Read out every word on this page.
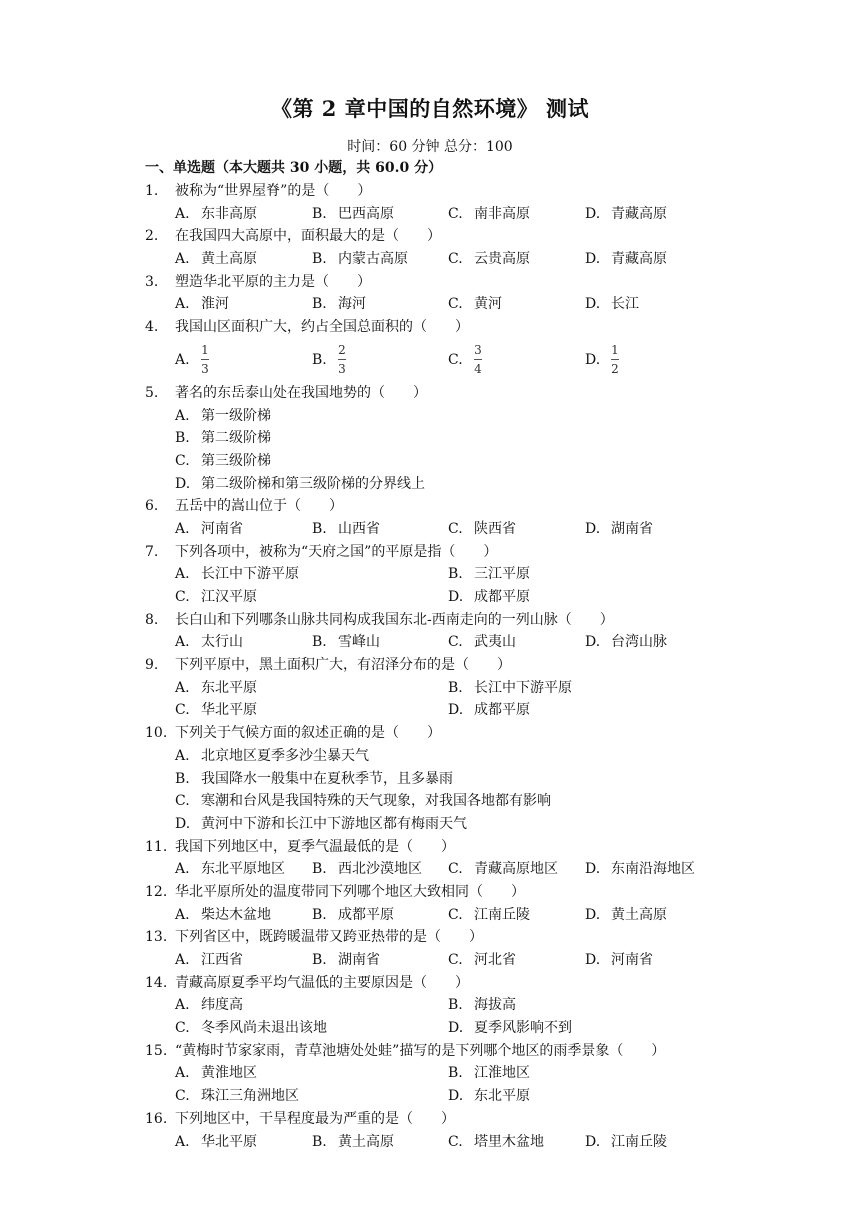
《第 2 章中国的自然环境》 测试
时间：60 分钟 总分：100
一、单选题（本大题共 30 小题，共 60.0 分）
1.	被称为“世界屋脊”的是（　　）
A. 东非高原	B. 巴西高原	C. 南非高原	D. 青藏高原
2.	在我国四大高原中，面积最大的是（　　）
A. 黄土高原	B. 内蒙古高原	C. 云贵高原	D. 青藏高原
3.	塑造华北平原的主力是（　　）
A. 淮河	B. 海河	C. 黄河	D. 长江
4.	我国山区面积广大，约占全国总面积的（　　）
A. $\frac{1}{3}$	B. $\frac{2}{3}$	C. $\frac{3}{4}$	D. $\frac{1}{2}$
5.	著名的东岳泰山处在我国地势的（　　）
A. 第一级阶梯
B. 第二级阶梯
C. 第三级阶梯
D. 第二级阶梯和第三级阶梯的分界线上
6.	五岳中的嵩山位于（　　）
A. 河南省	B. 山西省	C. 陕西省	D. 湖南省
7.	下列各项中，被称为“天府之国”的平原是指（　　）
A. 长江中下游平原	B. 三江平原
C. 江汉平原	D. 成都平原
8.	长白山和下列哪条山脉共同构成我国东北-西南走向的一列山脉（　　）
A. 太行山	B. 雪峰山	C. 武夷山	D. 台湾山脉
9.	下列平原中，黑土面积广大，有沼泽分布的是（　　）
A. 东北平原	B. 长江中下游平原
C. 华北平原	D. 成都平原
10. 下列关于气候方面的叙述正确的是（　　）
A. 北京地区夏季多沙尘暴天气
B. 我国降水一般集中在夏秋季节，且多暴雨
C. 寒潮和台风是我国特殊的天气现象，对我国各地都有影响
D. 黄河中下游和长江中下游地区都有梅雨天气
11. 我国下列地区中，夏季气温最低的是（　　）
A. 东北平原地区 B. 西北沙漠地区 C. 青藏高原地区 D. 东南沿海地区
12. 华北平原所处的温度带同下列哪个地区大致相同（　　）
A. 柴达木盆地	B. 成都平原	C. 江南丘陵	D. 黄土高原
13. 下列省区中，既跨暖温带又跨亚热带的是（　　）
A. 江西省	B. 湖南省	C. 河北省	D. 河南省
14. 青藏高原夏季平均气温低的主要原因是（　　）
A. 纬度高	B. 海拔高
C. 冬季风尚未退出该地	D. 夏季风影响不到
15. “黄梅时节家家雨，青草池塘处处蛙”描写的是下列哪个地区的雨季景象（　　）
A. 黄淮地区	B. 江淮地区
C. 珠江三角洲地区	D. 东北平原
16. 下列地区中，干旱程度最为严重的是（　　）
A. 华北平原	B. 黄土高原	C. 塔里木盆地	D. 江南丘陵
